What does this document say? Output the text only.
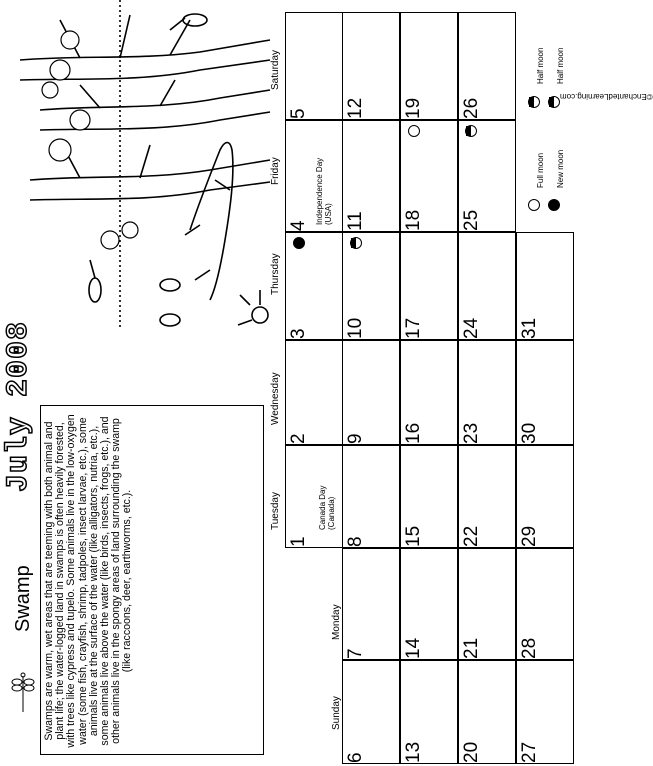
©EnchantedLearning.com
Swamp
July 2008
Swamps are warm, wet areas that are teeming with both animal and plant life; the water-logged land in swamps is often heavily forested, with trees like cypress and tupelo. Some animals live in the low-oxygen water (some fish, crayfish, shrimp, tadpoles, insect larvae, etc.), some animals live at the surface of the water (like alligators, nutria, etc.), some animals live above the water (like birds, insects, frogs, etc.), and other animals live in the spongy areas of land surrounding the swamp (like raccoons, deer, earthworms, etc.).
Sunday
Monday
Tuesday
Wednesday
Thursday
Friday
Saturday
Full moon
Half moon
New moon
Half moon
1
2
3
4
5
6
7
8
9
10
11
12
13
14
15
16
17
18
19
20
21
22
23
24
25
26
27
28
29
30
31
Canada Day
(Canada)
Independence Day
(USA)
